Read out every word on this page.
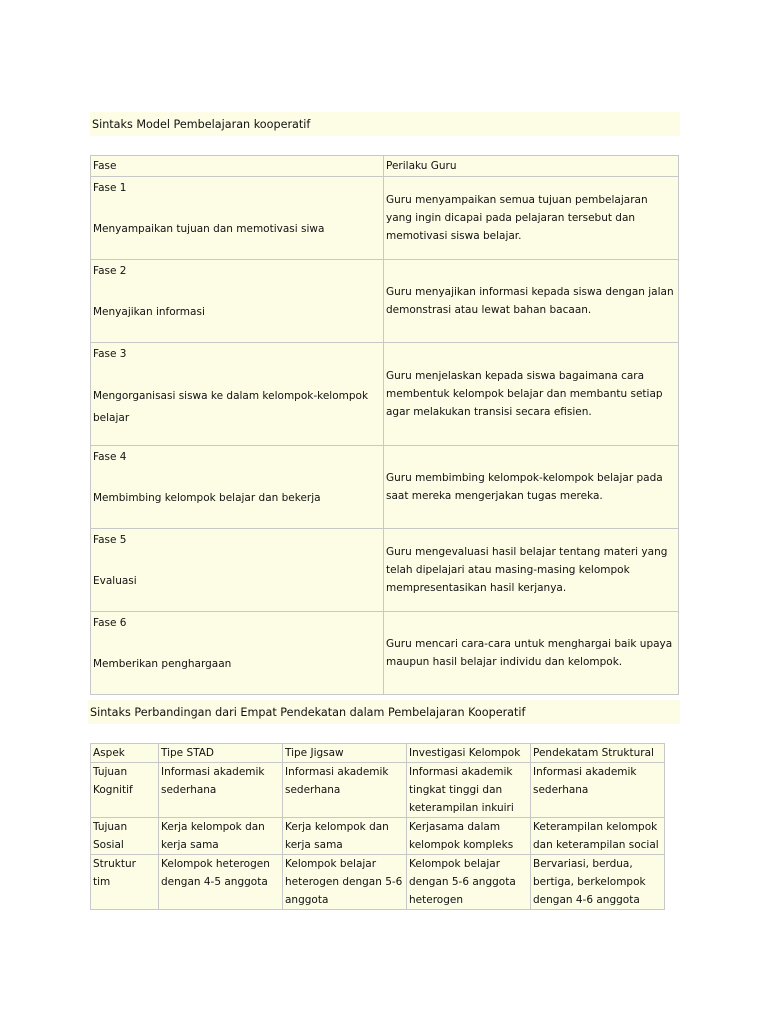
Sintaks Model Pembelajaran kooperatif
Fase	Perilaku Guru

Fase 1
Menyampaikan tujuan dan memotivasi siwa	Guru menyampaikan semua tujuan pembelajaran yang ingin dicapai pada pelajaran tersebut dan memotivasi siswa belajar.

Fase 2
Menyajikan informasi	Guru menyajikan informasi kepada siswa dengan jalan demonstrasi atau lewat bahan bacaan.

Fase 3
Mengorganisasi siswa ke dalam kelompok-kelompok belajar	Guru menjelaskan kepada siswa bagaimana cara membentuk kelompok belajar dan membantu setiap agar melakukan transisi secara efisien.

Fase 4
Membimbing kelompok belajar dan bekerja	Guru membimbing kelompok-kelompok belajar pada saat mereka mengerjakan tugas mereka.

Fase 5
Evaluasi	Guru mengevaluasi hasil belajar tentang materi yang telah dipelajari atau masing-masing kelompok mempresentasikan hasil kerjanya.

Fase 6
Memberikan penghargaan	Guru mencari cara-cara untuk menghargai baik upaya maupun hasil belajar individu dan kelompok.
Sintaks Perbandingan dari Empat Pendekatan dalam Pembelajaran Kooperatif
Aspek	Tipe STAD	Tipe Jigsaw	Investigasi Kelompok	Pendekatam Struktural
Tujuan Kognitif	Informasi akademik sederhana	Informasi akademik sederhana	Informasi akademik tingkat tinggi dan keterampilan inkuiri	Informasi akademik sederhana
Tujuan Sosial	Kerja kelompok dan kerja sama	Kerja kelompok dan kerja sama	Kerjasama dalam kelompok kompleks	Keterampilan kelompok dan keterampilan social
Struktur tim	Kelompok heterogen dengan 4-5 anggota	Kelompok belajar heterogen dengan 5-6 anggota	Kelompok belajar dengan 5-6 anggota heterogen	Bervariasi, berdua, bertiga, berkelompok dengan 4-6 anggota
